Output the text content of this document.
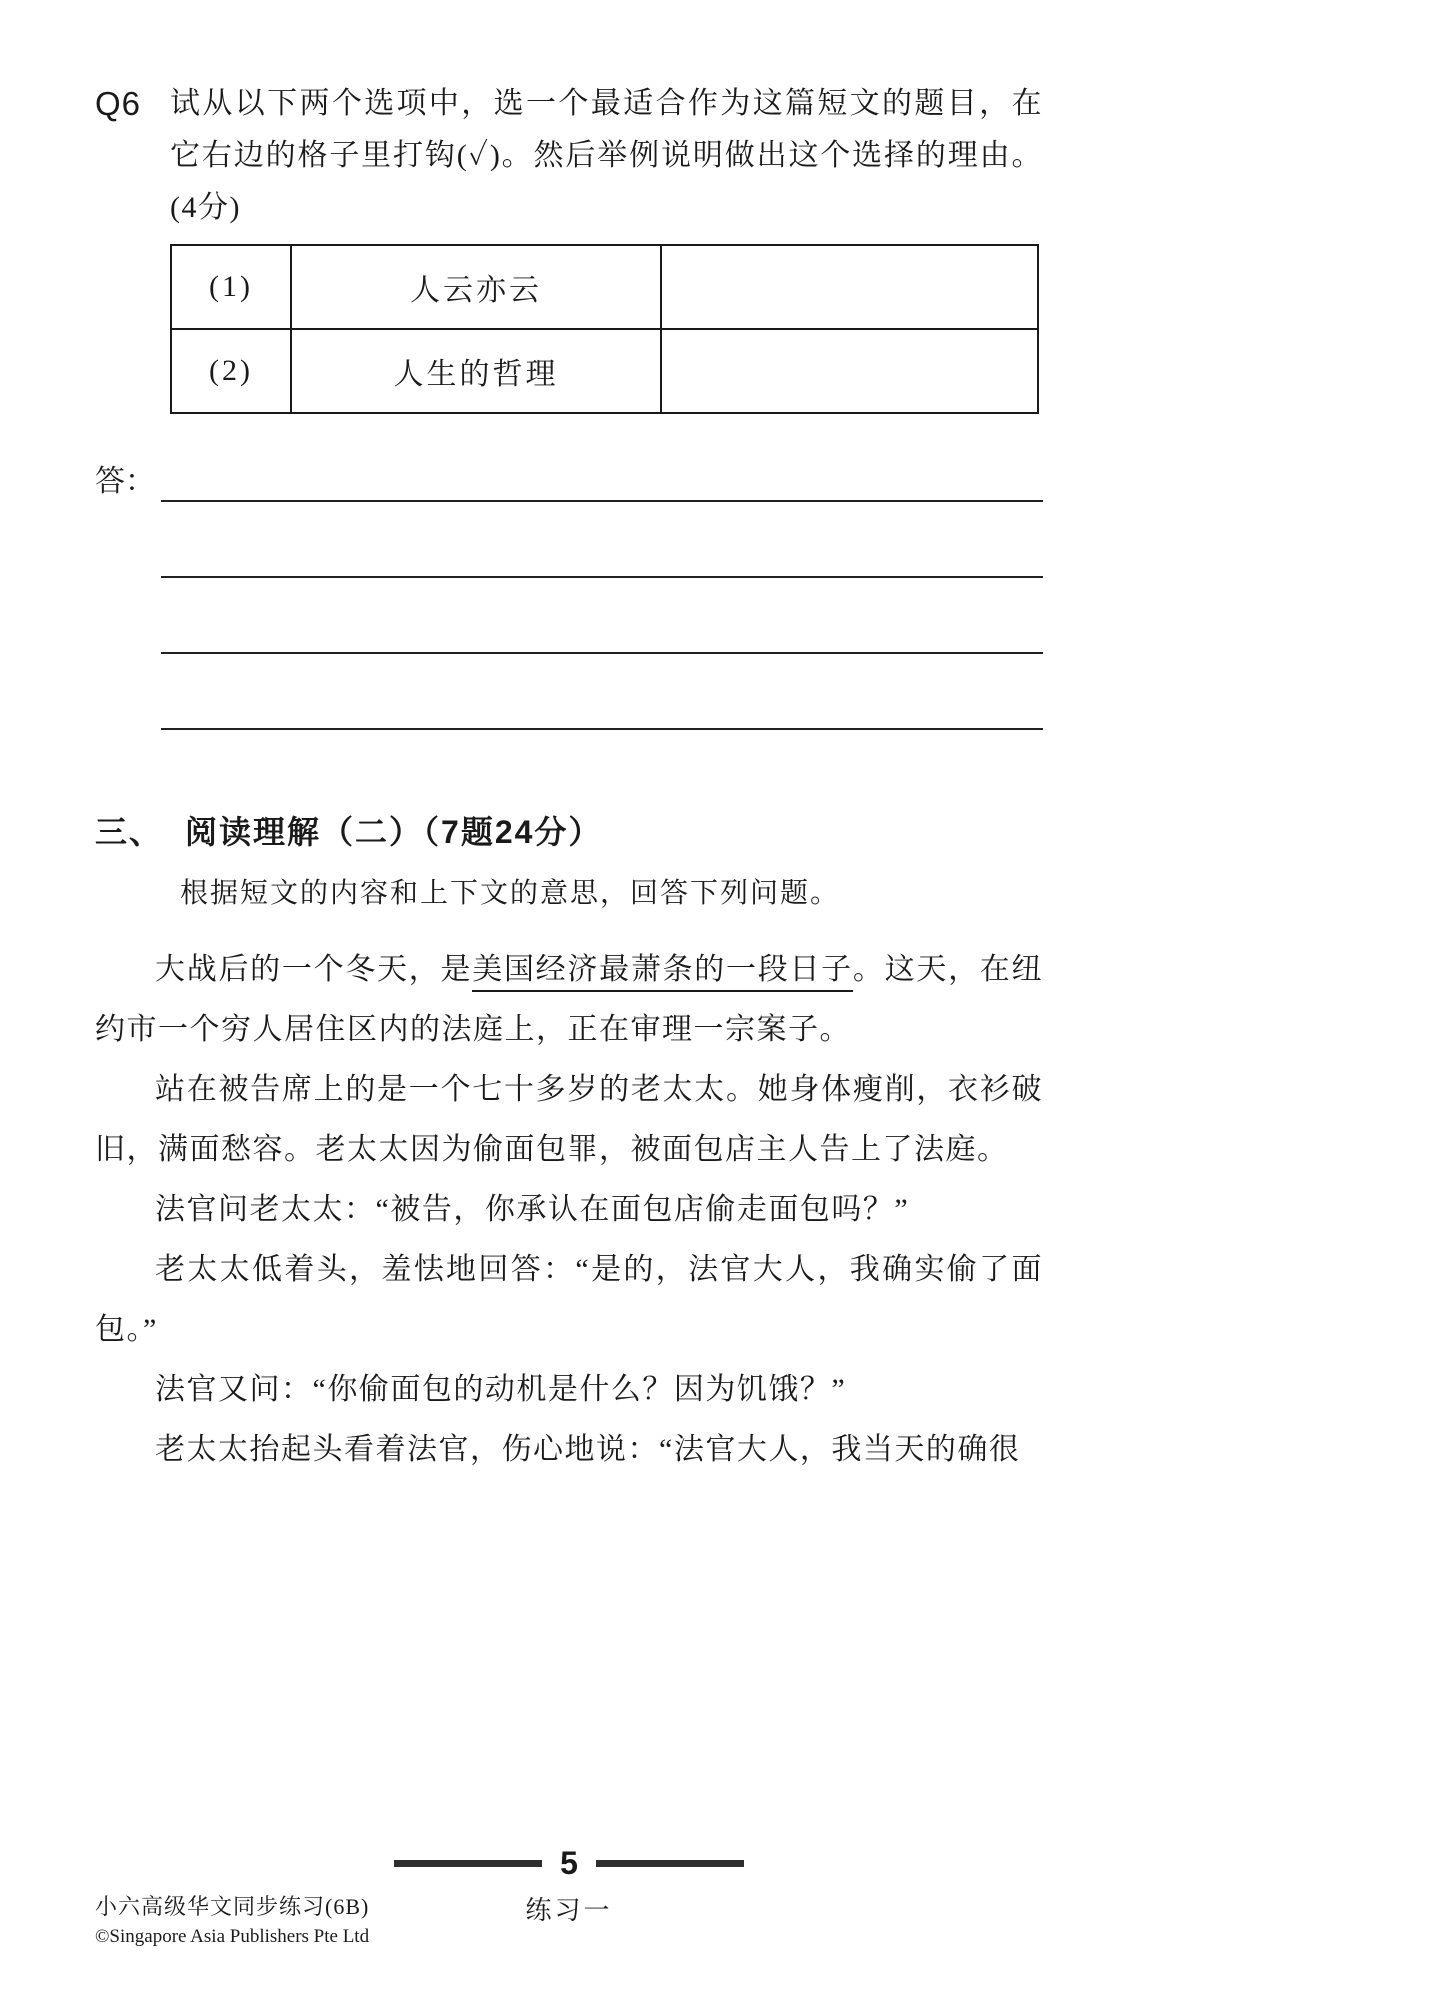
Q6 试从以下两个选项中，选一个最适合作为这篇短文的题目，在它右边的格子里打钩(✓)。然后举例说明做出这个选择的理由。(4分)

(1)	人云亦云	
(2)	人生的哲理	
答：
三、 阅读理解（二）（7题24分）

根据短文的内容和上下文的意思，回答下列问题。

大战后的一个冬天，是美国经济最萧条的一段日子。这天，在纽约市一个穷人居住区内的法庭上，正在审理一宗案子。

站在被告席上的是一个七十多岁的老太太。她身体瘦削，衣衫破旧，满面愁容。老太太因为偷面包罪，被面包店主人告上了法庭。

法官问老太太：“被告，你承认在面包店偷走面包吗？”

老太太低着头，羞怯地回答：“是的，法官大人，我确实偷了面包。”

法官又问：“你偷面包的动机是什么？因为饥饿？”

老太太抬起头看着法官，伤心地说：“法官大人，我当天的确很

5
练习一
小六高级华文同步练习(6B)
©Singapore Asia Publishers Pte Ltd
